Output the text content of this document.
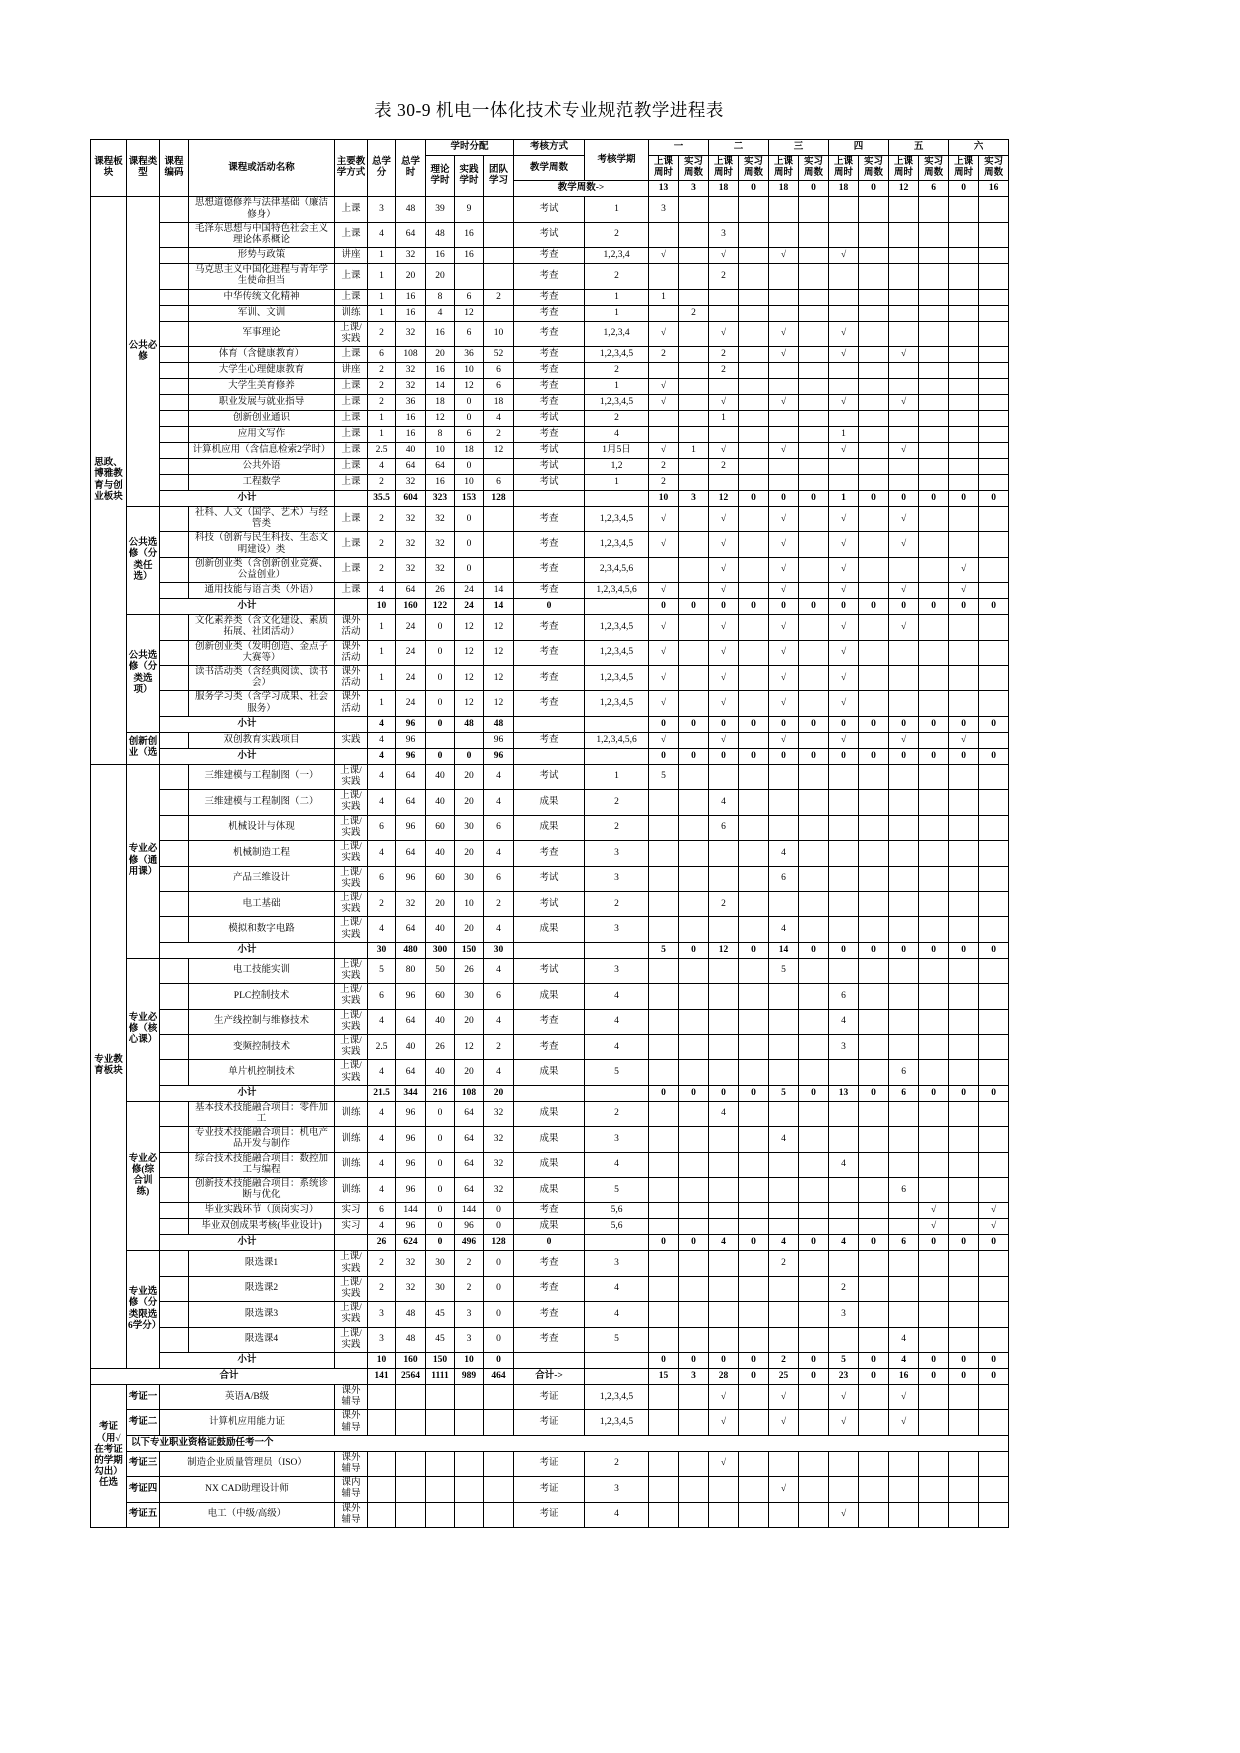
表 30-9 机电一体化技术专业规范教学进程表
课程板块	课程类型	课程编码	课程或活动名称	主要教学方式	总学分	总学时	学时分配			考核方式	考核学期	一		二		三		四		五		六	
							理论学时	实践学时	团队学习	教学周数		上课周时	实习周数	上课周时	实习周数	上课周时	实习周数	上课周时	实习周数	上课周时	实习周数	上课周时	实习周数
										教学周数->		13	3	18	0	18	0	18	0	12	6	0	16
思政、博雅教育与创业板块	公共必修		思想道德修养与法律基础（廉洁修身）	上课	3	48	39	9		考试	1	3											
			毛泽东思想与中国特色社会主义理论体系概论	上课	4	64	48	16		考试	2			3									
			形势与政策	讲座	1	32	16	16		考查	1,2,3,4	√		√		√		√					
			马克思主义中国化进程与青年学生使命担当	上课	1	20	20			考查	2			2									
			中华传统文化精神	上课	1	16	8	6	2	考查	1	1											
			军训、文训	训练	1	16	4	12		考查	1		2										
			军事理论	上课/实践	2	32	16	6	10	考查	1,2,3,4	√		√		√		√					
			体育（含健康教育）	上课	6	108	20	36	52	考查	1,2,3,4,5	2		2		√		√		√			
			大学生心理健康教育	讲座	2	32	16	10	6	考查	2			2									
			大学生美育修养	上课	2	32	14	12	6	考查	1	√											
			职业发展与就业指导	上课	2	36	18	0	18	考查	1,2,3,4,5	√		√		√		√		√			
			创新创业通识	上课	1	16	12	0	4	考试	2			1									
			应用文写作	上课	1	16	8	6	2	考查	4							1					
			计算机应用（含信息检索2学时）	上课	2.5	40	10	18	12	考试	1月5日	√	1	√		√		√		√			
			公共外语	上课	4	64	64	0		考试	1,2	2		2									
			工程数学	上课	2	32	16	10	6	考试	1	2											
		小计			35.5	604	323	153	128			10	3	12	0	0	0	1	0	0	0	0	0
	公共选修（分类任选）		社科、人文（国学、艺术）与经管类	上课	2	32	32	0		考查	1,2,3,4,5	√		√		√		√		√			
			科技（创新与民生科技、生态文明建设）类	上课	2	32	32	0		考查	1,2,3,4,5	√		√		√		√		√			
			创新创业类（含创新创业竞赛、公益创业）	上课	2	32	32	0		考查	2,3,4,5,6			√		√		√				√	
			通用技能与语言类（外语）	上课	4	64	26	24	14	考查	1,2,3,4,5,6	√		√		√		√		√		√	
		小计			10	160	122	24	14	0		0	0	0	0	0	0	0	0	0	0	0	0
	公共选修（分类选项）		文化素养类（含文化建设、素质拓展、社团活动）	课外活动	1	24	0	12	12	考查	1,2,3,4,5	√		√		√		√		√			
			创新创业类（发明创造、金点子大赛等）	课外活动	1	24	0	12	12	考查	1,2,3,4,5	√		√		√		√					
			读书活动类（含经典阅读、读书会）	课外活动	1	24	0	12	12	考查	1,2,3,4,5	√		√		√		√					
			服务学习类（含学习成果、社会服务）	课外活动	1	24	0	12	12	考查	1,2,3,4,5	√		√		√		√					
		小计			4	96	0	48	48			0	0	0	0	0	0	0	0	0	0	0	0
	创新创业（选		双创教育实践项目	实践	4	96			96	考查	1,2,3,4,5,6	√		√		√		√		√		√	
		小计			4	96	0	0	96			0	0	0	0	0	0	0	0	0	0	0	0
专业教育板块	专业必修（通用课）		三维建模与工程制图（一）	上课/实践	4	64	40	20	4	考试	1	5											
			三维建模与工程制图（二）	上课/实践	4	64	40	20	4	成果	2			4									
			机械设计与体现	上课/实践	6	96	60	30	6	成果	2			6									
			机械制造工程	上课/实践	4	64	40	20	4	考查	3					4							
			产品三维设计	上课/实践	6	96	60	30	6	考试	3					6							
			电工基础	上课/实践	2	32	20	10	2	考试	2			2									
			模拟和数字电路	上课/实践	4	64	40	20	4	成果	3					4							
		小计			30	480	300	150	30			5	0	12	0	14	0	0	0	0	0	0	0
	专业必修（核心课）		电工技能实训	上课/实践	5	80	50	26	4	考试	3					5							
			PLC控制技术	上课/实践	6	96	60	30	6	成果	4							6					
			生产线控制与维修技术	上课/实践	4	64	40	20	4	考查	4							4					
			变频控制技术	上课/实践	2.5	40	26	12	2	考查	4							3					
			单片机控制技术	上课/实践	4	64	40	20	4	成果	5									6			
		小计			21.5	344	216	108	20			0	0	0	0	5	0	13	0	6	0	0	0
	专业必修(综合训练)		基本技术技能融合项目：零件加工	训练	4	96	0	64	32	成果	2			4									
			专业技术技能融合项目：机电产品开发与制作	训练	4	96	0	64	32	成果	3					4							
			综合技术技能融合项目：数控加工与编程	训练	4	96	0	64	32	成果	4							4					
			创新技术技能融合项目：系统诊断与优化	训练	4	96	0	64	32	成果	5									6			
			毕业实践环节（顶岗实习）	实习	6	144	0	144	0	考查	5,6										√		√
			毕业双创成果考核(毕业设计)	实习	4	96	0	96	0	成果	5,6										√		√
		小计			26	624	0	496	128	0		0	0	4	0	4	0	4	0	6	0	0	0
	专业选修（分类限选6学分）		限选课1	上课/实践	2	32	30	2	0	考查	3					2							
			限选课2	上课/实践	2	32	30	2	0	考查	4							2					
			限选课3	上课/实践	3	48	45	3	0	考查	4							3					
			限选课4	上课/实践	3	48	45	3	0	考查	5									4			
		小计			10	160	150	10	0			0	0	0	0	2	0	5	0	4	0	0	0
合计					141	2564	1111	989	464	合计->		15	3	28	0	25	0	23	0	16	0	0	0
考证（用√在考证的学期勾出）任选	考证一	英语A/B级		课外辅导						考证	1,2,3,4,5			√		√		√		√			
	考证二	计算机应用能力证		课外辅导						考证	1,2,3,4,5			√		√		√		√			
	以下专业职业资格证鼓励任考一个																						
	考证三	制造企业质量管理员（ISO）		课外辅导						考证	2			√									
	考证四	NX CAD助理设计师		课内辅导						考证	3					√							
	考证五	电工（中级/高级）		课外辅导						考证	4							√					
